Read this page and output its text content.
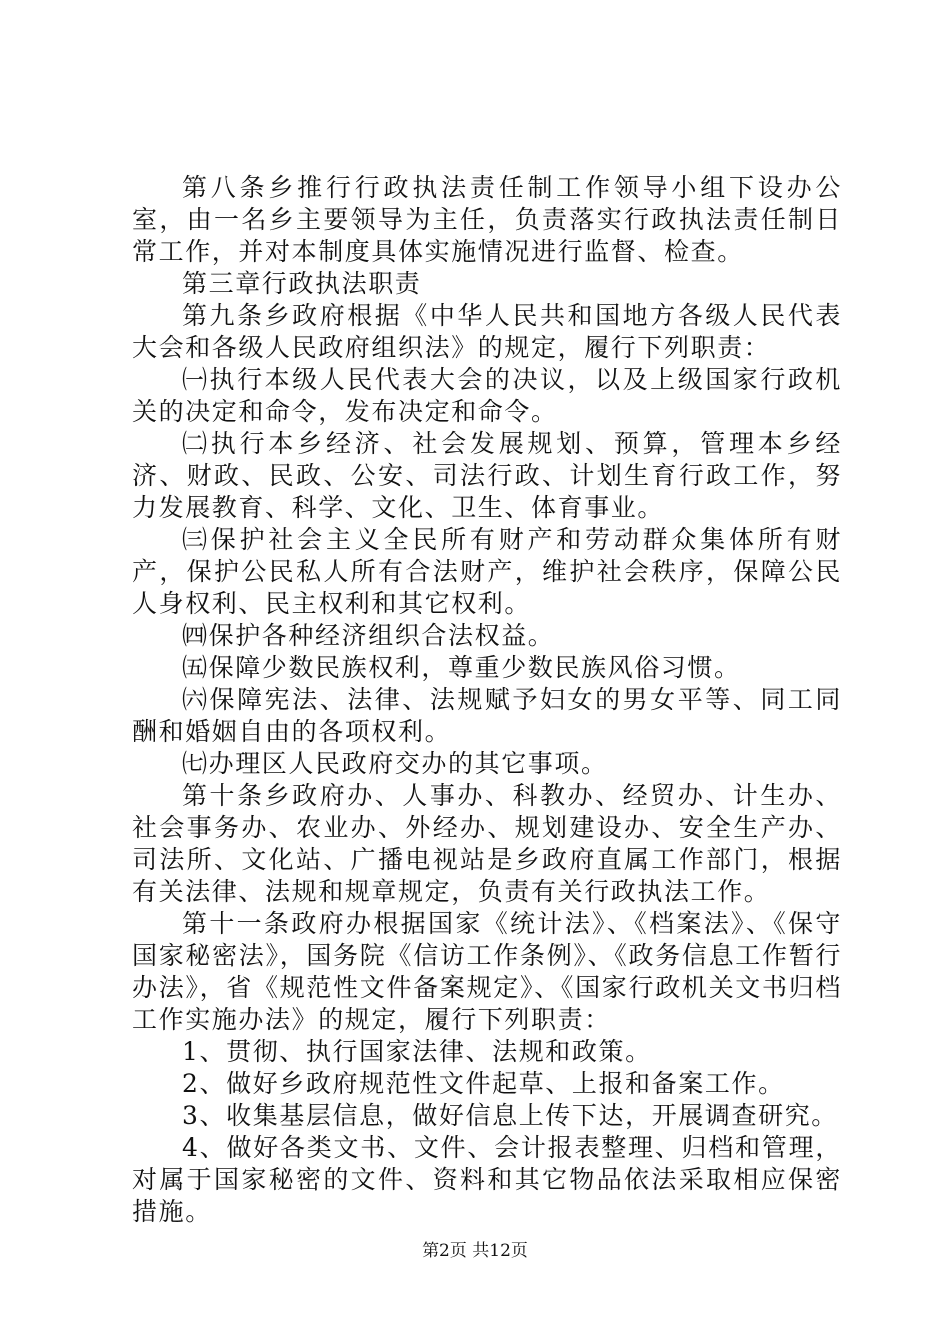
第八条乡推行行政执法责任制工作领导小组下设办公室，由一名乡主要领导为主任，负责落实行政执法责任制日常工作，并对本制度具体实施情况进行监督、检查。

第三章行政执法职责

第九条乡政府根据《中华人民共和国地方各级人民代表大会和各级人民政府组织法》的规定，履行下列职责：

㈠执行本级人民代表大会的决议，以及上级国家行政机关的决定和命令，发布决定和命令。

㈡执行本乡经济、社会发展规划、预算，管理本乡经济、财政、民政、公安、司法行政、计划生育行政工作，努力发展教育、科学、文化、卫生、体育事业。

㈢保护社会主义全民所有财产和劳动群众集体所有财产，保护公民私人所有合法财产，维护社会秩序，保障公民人身权利、民主权利和其它权利。

㈣保护各种经济组织合法权益。

㈤保障少数民族权利，尊重少数民族风俗习惯。

㈥保障宪法、法律、法规赋予妇女的男女平等、同工同酬和婚姻自由的各项权利。

㈦办理区人民政府交办的其它事项。

第十条乡政府办、人事办、科教办、经贸办、计生办、社会事务办、农业办、外经办、规划建设办、安全生产办、司法所、文化站、广播电视站是乡政府直属工作部门，根据有关法律、法规和规章规定，负责有关行政执法工作。

第十一条政府办根据国家《统计法》、《档案法》、《保守国家秘密法》，国务院《信访工作条例》、《政务信息工作暂行办法》，省《规范性文件备案规定》、《国家行政机关文书归档工作实施办法》的规定，履行下列职责：

1、贯彻、执行国家法律、法规和政策。

2、做好乡政府规范性文件起草、上报和备案工作。

3、收集基层信息，做好信息上传下达，开展调查研究。

4、做好各类文书、文件、会计报表整理、归档和管理，对属于国家秘密的文件、资料和其它物品依法采取相应保密措施。

第2页 共12页
